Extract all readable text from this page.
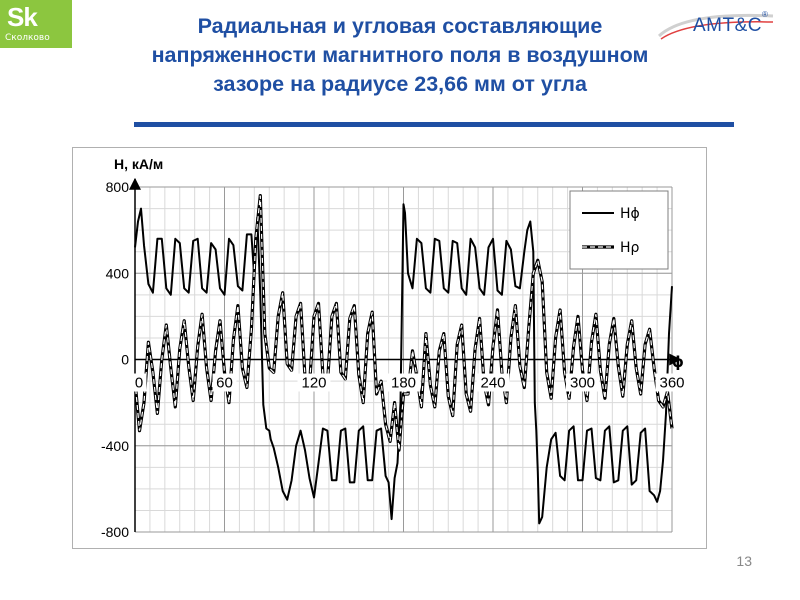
Sk
Сколково
AMT&C
®
Радиальная и угловая составляющие
напряженности магнитного поля в воздушном
зазоре на радиусе 23,66 мм от угла
-800
-400
0
400
800
0	60	120	180	240	300	360
H, кА/м
ϕ
Hϕ
Hρ
13
